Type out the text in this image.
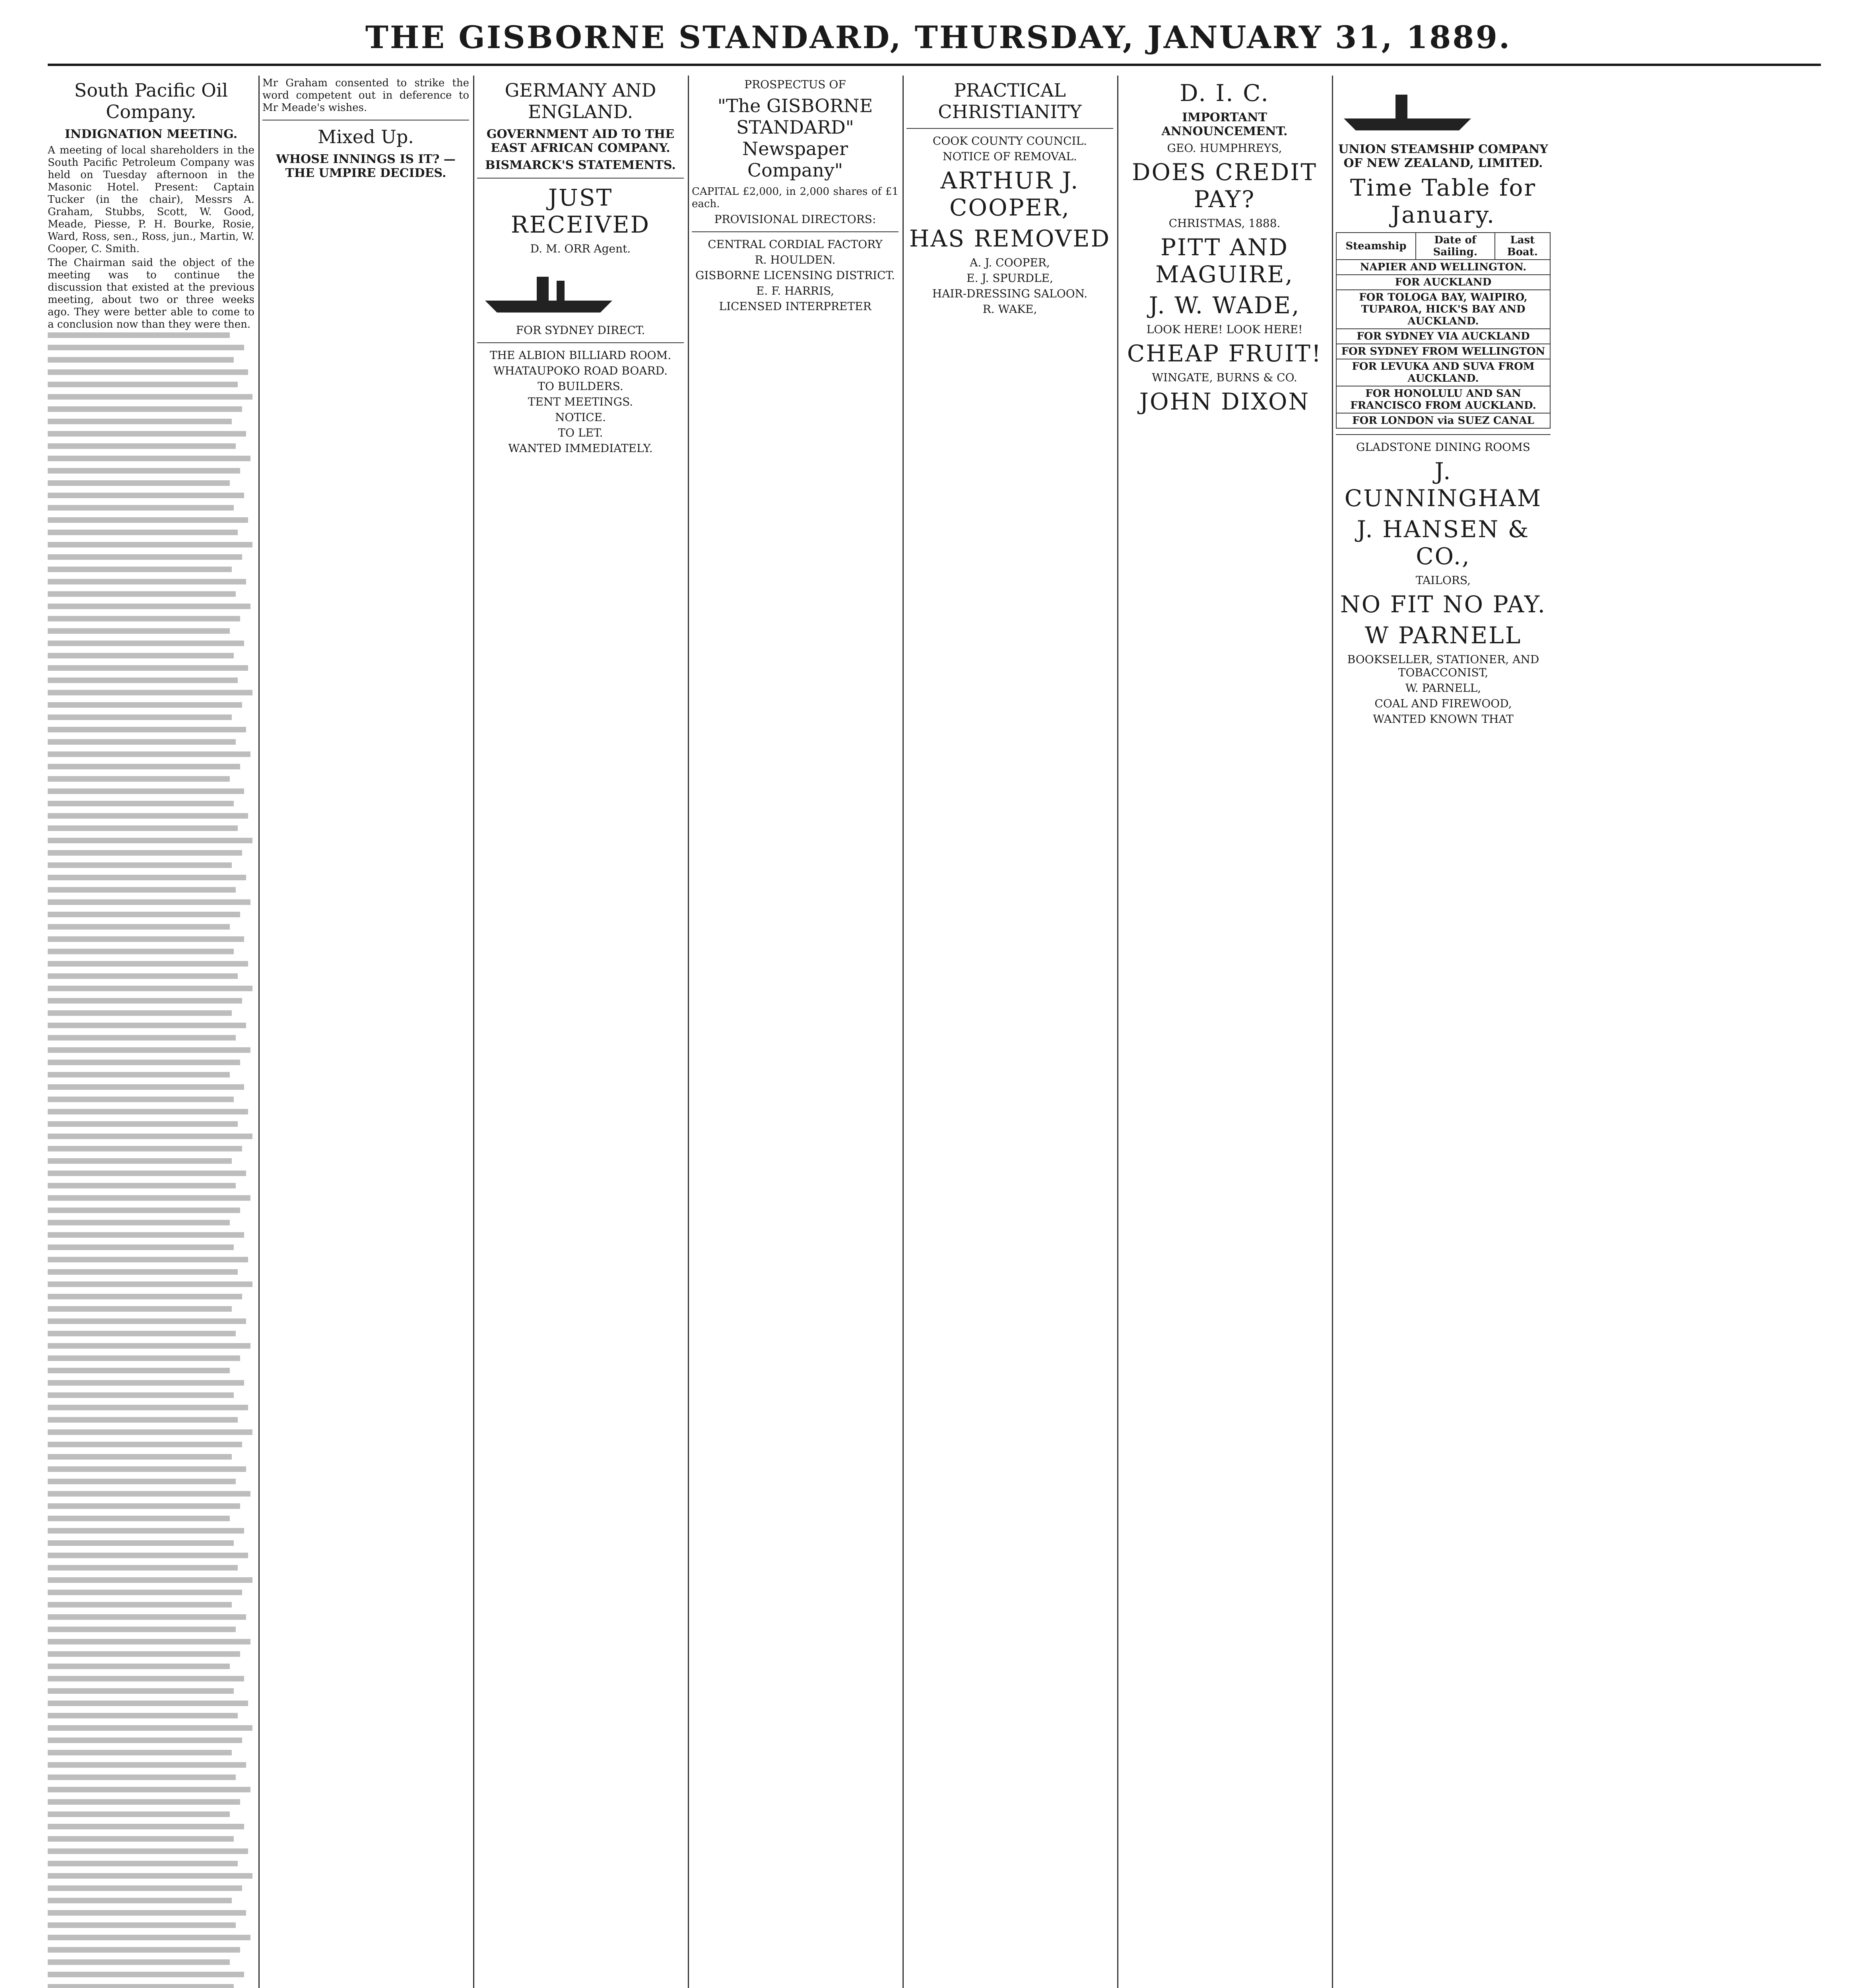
THE GISBORNE STANDARD, THURSDAY, JANUARY 31, 1889.
South Pacific Oil Company.
INDIGNATION MEETING.

A meeting of local shareholders in the South Pacific Petroleum Company was held on Tuesday afternoon in the Masonic Hotel. Present: Captain Tucker (in the chair), Messrs A. Graham, Stubbs, Scott, W. Good, Meade, Piesse, P. H. Bourke, Rosie, Ward, Ross, sen., Ross, jun., Martin, W. Cooper, C. Smith.

The Chairman said the object of the meeting was to continue the discussion that existed at the previous meeting, about two or three weeks ago. They were better able to come to a conclusion now than they were then.

Mr Graham consented to strike the word competent out in deference to Mr Meade's wishes.

Mixed Up.
WHOSE INNINGS IS IT? — THE UMPIRE DECIDES.
GERMANY AND ENGLAND.
GOVERNMENT AID TO THE EAST AFRICAN COMPANY.
BISMARCK'S STATEMENTS.
JUST RECEIVED
D. M. ORR Agent.
FOR SYDNEY DIRECT.
THE ALBION BILLIARD ROOM.
WHATAUPOKO ROAD BOARD.
TO BUILDERS.
TENT MEETINGS.
NOTICE.
TO LET.
WANTED IMMEDIATELY.
PROSPECTUS OF
"The GISBORNE STANDARD" Newspaper Company"

CAPITAL £2,000, in 2,000 shares of £1 each.

PROVISIONAL DIRECTORS:
CENTRAL CORDIAL FACTORY
R. HOULDEN.
GISBORNE LICENSING DISTRICT.
E. F. HARRIS,
LICENSED INTERPRETER
PRACTICAL CHRISTIANITY
COOK COUNTY COUNCIL.
NOTICE OF REMOVAL.
ARTHUR J. COOPER,
HAS REMOVED
A. J. COOPER,
E. J. SPURDLE,
HAIR-DRESSING SALOON.
R. WAKE,
D. I. C.
IMPORTANT ANNOUNCEMENT.
GEO. HUMPHREYS,
DOES CREDIT PAY?
CHRISTMAS, 1888.
PITT AND MAGUIRE,
J. W. WADE,
LOOK HERE! LOOK HERE!
CHEAP FRUIT!
WINGATE, BURNS & CO.
JOHN DIXON
UNION STEAMSHIP COMPANY OF NEW ZEALAND, LIMITED.
Time Table for January.
Steamship	Date of Sailing.	Last Boat.
NAPIER AND WELLINGTON.
FOR AUCKLAND
FOR TOLOGA BAY, WAIPIRO, TUPAROA, HICK'S BAY AND AUCKLAND.
FOR SYDNEY VIA AUCKLAND
FOR SYDNEY FROM WELLINGTON
FOR LEVUKA AND SUVA FROM AUCKLAND.
FOR HONOLULU AND SAN FRANCISCO FROM AUCKLAND.
FOR LONDON via SUEZ CANAL
GLADSTONE DINING ROOMS
J. CUNNINGHAM
J. HANSEN & CO.,
TAILORS,
NO FIT NO PAY.
W PARNELL
BOOKSELLER, STATIONER, AND TOBACCONIST,
W. PARNELL,
COAL AND FIREWOOD,
WANTED KNOWN THAT
